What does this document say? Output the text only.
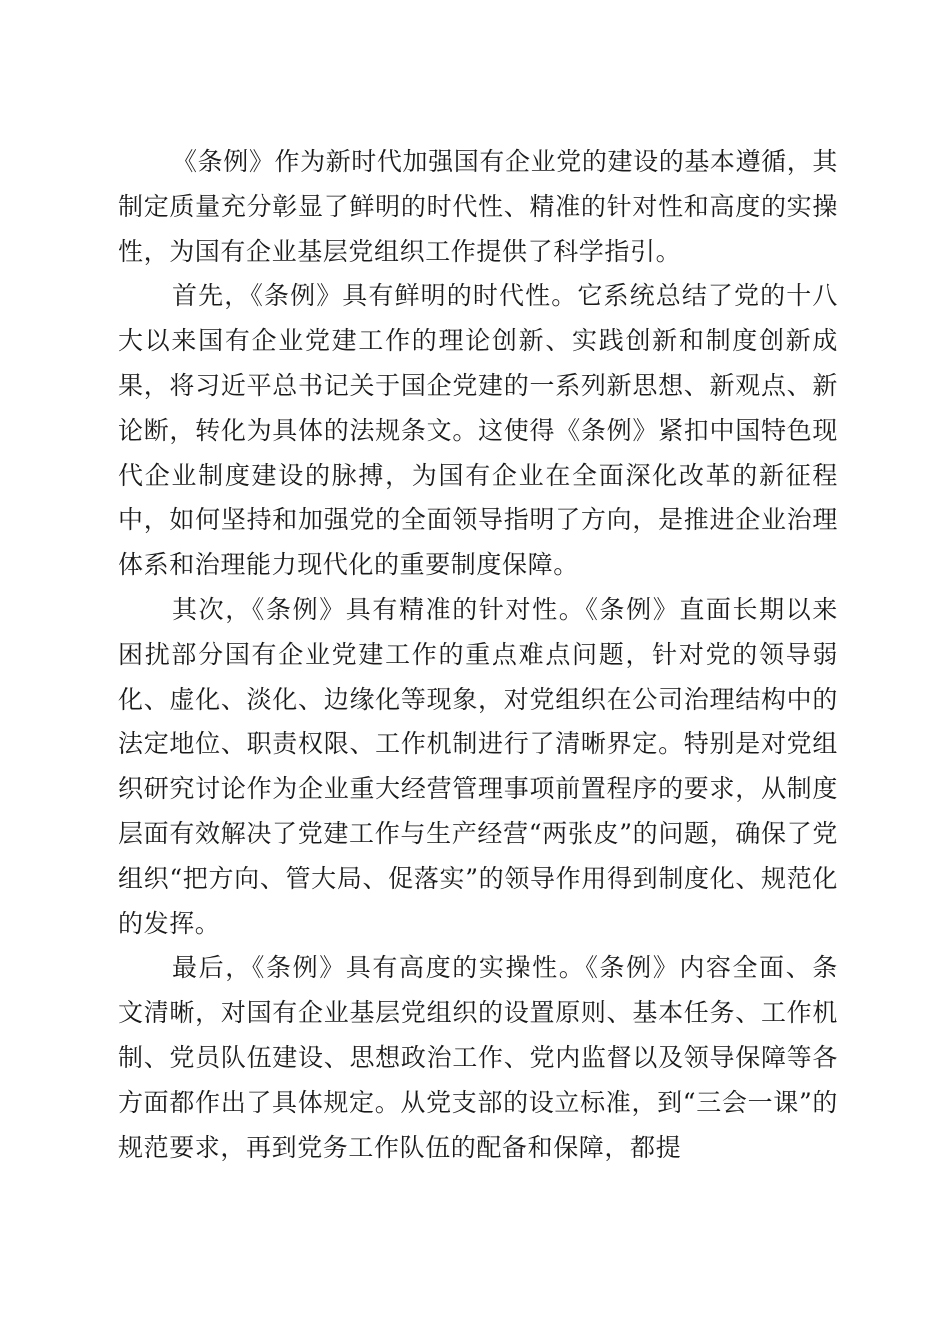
《条例》作为新时代加强国有企业党的建设的基本遵循，其制定质量充分彰显了鲜明的时代性、精准的针对性和高度的实操性，为国有企业基层党组织工作提供了科学指引。

首先，《条例》具有鲜明的时代性。它系统总结了党的十八大以来国有企业党建工作的理论创新、实践创新和制度创新成果，将习近平总书记关于国企党建的一系列新思想、新观点、新论断，转化为具体的法规条文。这使得《条例》紧扣中国特色现代企业制度建设的脉搏，为国有企业在全面深化改革的新征程中，如何坚持和加强党的全面领导指明了方向，是推进企业治理体系和治理能力现代化的重要制度保障。

其次，《条例》具有精准的针对性。《条例》直面长期以来困扰部分国有企业党建工作的重点难点问题，针对党的领导弱化、虚化、淡化、边缘化等现象，对党组织在公司治理结构中的法定地位、职责权限、工作机制进行了清晰界定。特别是对党组织研究讨论作为企业重大经营管理事项前置程序的要求，从制度层面有效解决了党建工作与生产经营“两张皮”的问题，确保了党组织“把方向、管大局、促落实”的领导作用得到制度化、规范化的发挥。

最后，《条例》具有高度的实操性。《条例》内容全面、条文清晰，对国有企业基层党组织的设置原则、基本任务、工作机制、党员队伍建设、思想政治工作、党内监督以及领导保障等各方面都作出了具体规定。从党支部的设立标准，到“三会一课”的规范要求，再到党务工作队伍的配备和保障，都提
